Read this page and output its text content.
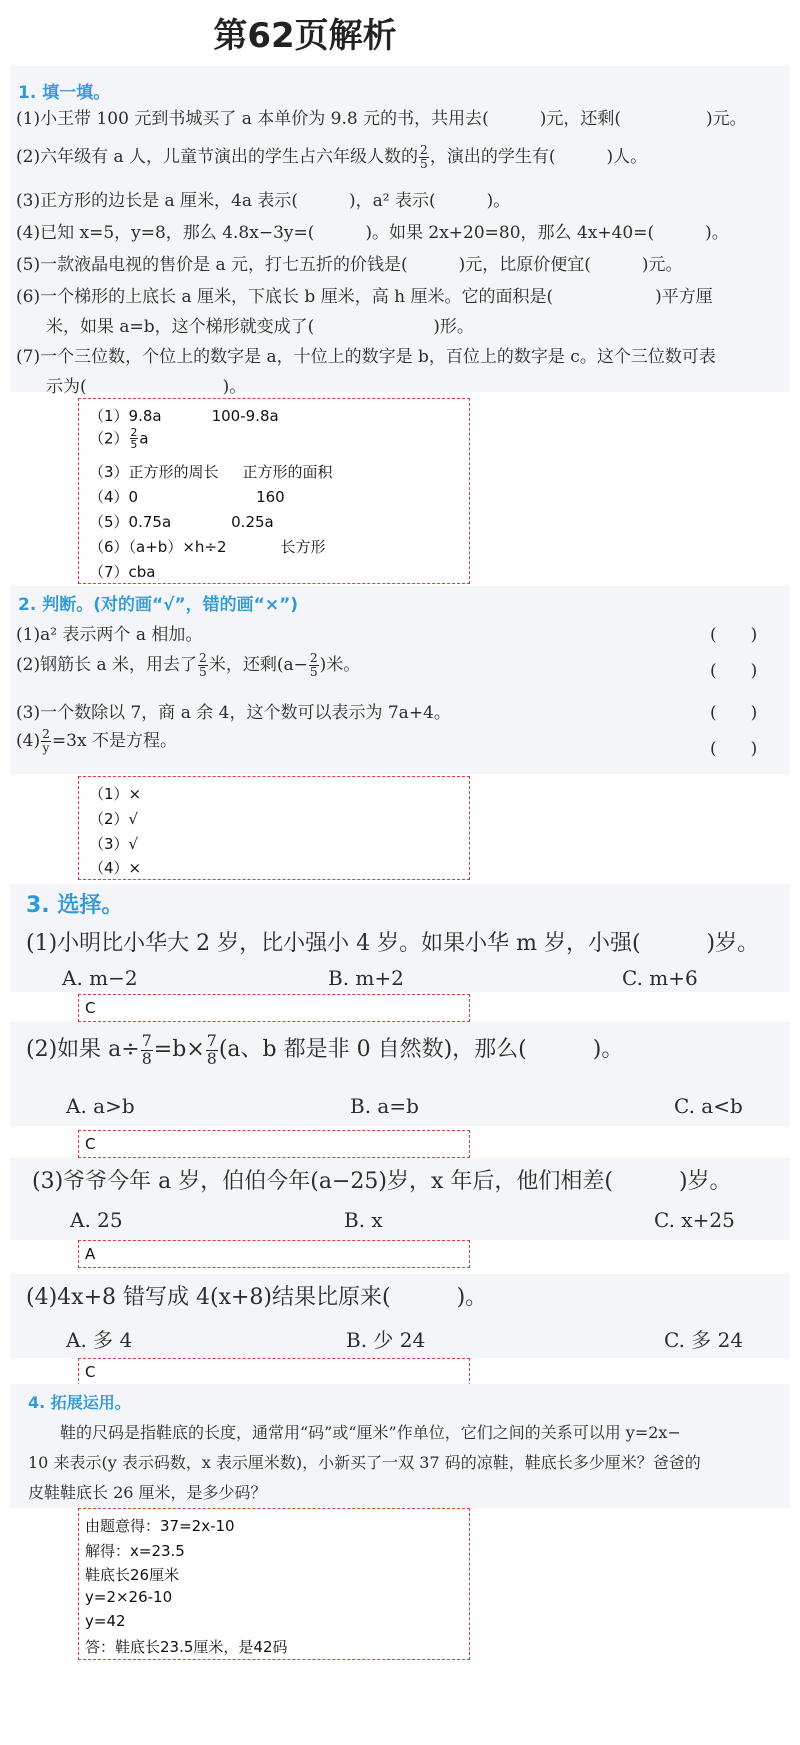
第62页解析
1. 填一填。

(1)小王带 100 元到书城买了 a 本单价为 9.8 元的书，共用去(　　　)元，还剩(　　　　　)元。

(2)六年级有 a 人，儿童节演出的学生占六年级人数的 $\frac{2}{5}$ ，演出的学生有(　　　)人。

(3)正方形的边长是 a 厘米，4a 表示(　　　)，a² 表示(　　　)。

(4)已知 x=5，y=8，那么 4.8x−3y=(　　　)。如果 2x+20=80，那么 4x+40=(　　　)。

(5)一款液晶电视的售价是 a 元，打七五折的价钱是(　　　)元，比原价便宜(　　　)元。

(6)一个梯形的上底长 a 厘米，下底长 b 厘米，高 h 厘米。它的面积是(　　　　　　)平方厘

米，如果 a=b，这个梯形就变成了(　　　　　　　)形。

(7)一个三位数，个位上的数字是 a，十位上的数字是 b，百位上的数字是 c。这个三位数可表

示为(　　　　　　　　)。

（1）9.8a	100-9.8a
$(2) \frac{2}{5}$ a
（3）正方形的周长 正方形的面积
（4）0	160
（5）0.75a	0.25a
（6）（a+b）×h÷2	长方形
（7）cba
2. 判断。(对的画“√”，错的画“×”)

(1)a² 表示两个 a 相加。	(　　)

(2)钢筋长 a 米，用去了 $\frac{2}{5}$ 米，还剩($a- \frac{2}{5}$ )米。	(　　)

(3)一个数除以 7，商 a 余 4，这个数可以表示为 7a+4。	(　　)

$(4) \frac{2}{y} =3x$ 不是方程。	(　　)
（1）×
（2）√
（3）√
（4）×
3. 选择。

(1)小明比小华大 2 岁，比小强小 4 岁。如果小华 m 岁，小强(　　　)岁。

A. m−2	B. m+2	C. m+6

C

(2)如果 $a\div \frac{7}{8} =b\times \frac{7}{8} (a$、b 都是非 0 自然数)，那么(　　　)。

A. a>b	B. a=b	C. a<b

C

(3)爷爷今年 a 岁，伯伯今年(a−25)岁，x 年后，他们相差(　　　)岁。

A. 25	B. x	C. x+25

A

(4)4x+8 错写成 4(x+8)结果比原来(　　　)。

A. 多 4	B. 少 24	C. 多 24

C
4. 拓展运用。

鞋的尺码是指鞋底的长度，通常用“码”或“厘米”作单位，它们之间的关系可以用 y=2x−

10 来表示(y 表示码数，x 表示厘米数)，小新买了一双 37 码的凉鞋，鞋底长多少厘米？爸爸的

皮鞋鞋底长 26 厘米，是多少码？

由题意得：37=2x-10
解得：x=23.5
鞋底长26厘米
y=2×26-10
y=42
答：鞋底长23.5厘米，是42码
